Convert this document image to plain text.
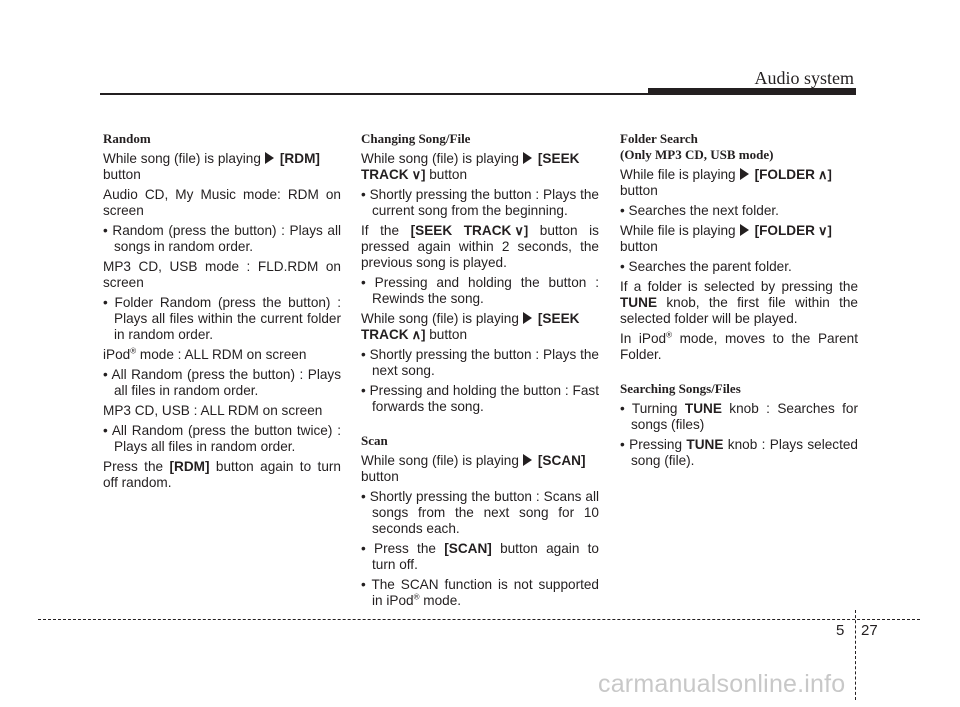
Audio system
Random

While song (file) is playing [RDM] button

Audio CD, My Music mode: RDM on screen

• Random (press the button) : Plays all songs in random order.

MP3 CD, USB mode : FLD.RDM on screen

• Folder Random (press the button) : Plays all files within the current folder in random order.

iPod® mode : ALL RDM on screen

• All Random (press the button) : Plays all files in random order.

MP3 CD, USB : ALL RDM on screen

• All Random (press the button twice) : Plays all files in random order.

Press the [RDM] button again to turn off random.

Changing Song/File

While song (file) is playing [SEEK TRACK ∨] button

• Shortly pressing the button : Plays the current song from the beginning.

If the [SEEK TRACK ∨] button is pressed again within 2 seconds, the previous song is played.

• Pressing and holding the button : Rewinds the song.

While song (file) is playing [SEEK TRACK ∧] button

• Shortly pressing the button : Plays the next song.
• Pressing and holding the button : Fast forwards the song.
Scan

While song (file) is playing [SCAN] button

• Shortly pressing the button : Scans all songs from the next song for 10 seconds each.
• Press the [SCAN] button again to turn off.
• The SCAN function is not supported in iPod® mode.
Folder Search
(Only MP3 CD, USB mode)

While file is playing [FOLDER ∧] button

• Searches the next folder.

While file is playing [FOLDER ∨] button

• Searches the parent folder.

If a folder is selected by pressing the TUNE knob, the first file within the selected folder will be played.

In iPod® mode, moves to the Parent Folder.

Searching Songs/Files
• Turning TUNE knob : Searches for songs (files)
• Pressing TUNE knob : Plays selected song (file).
5 27
carmanualsonline.info
